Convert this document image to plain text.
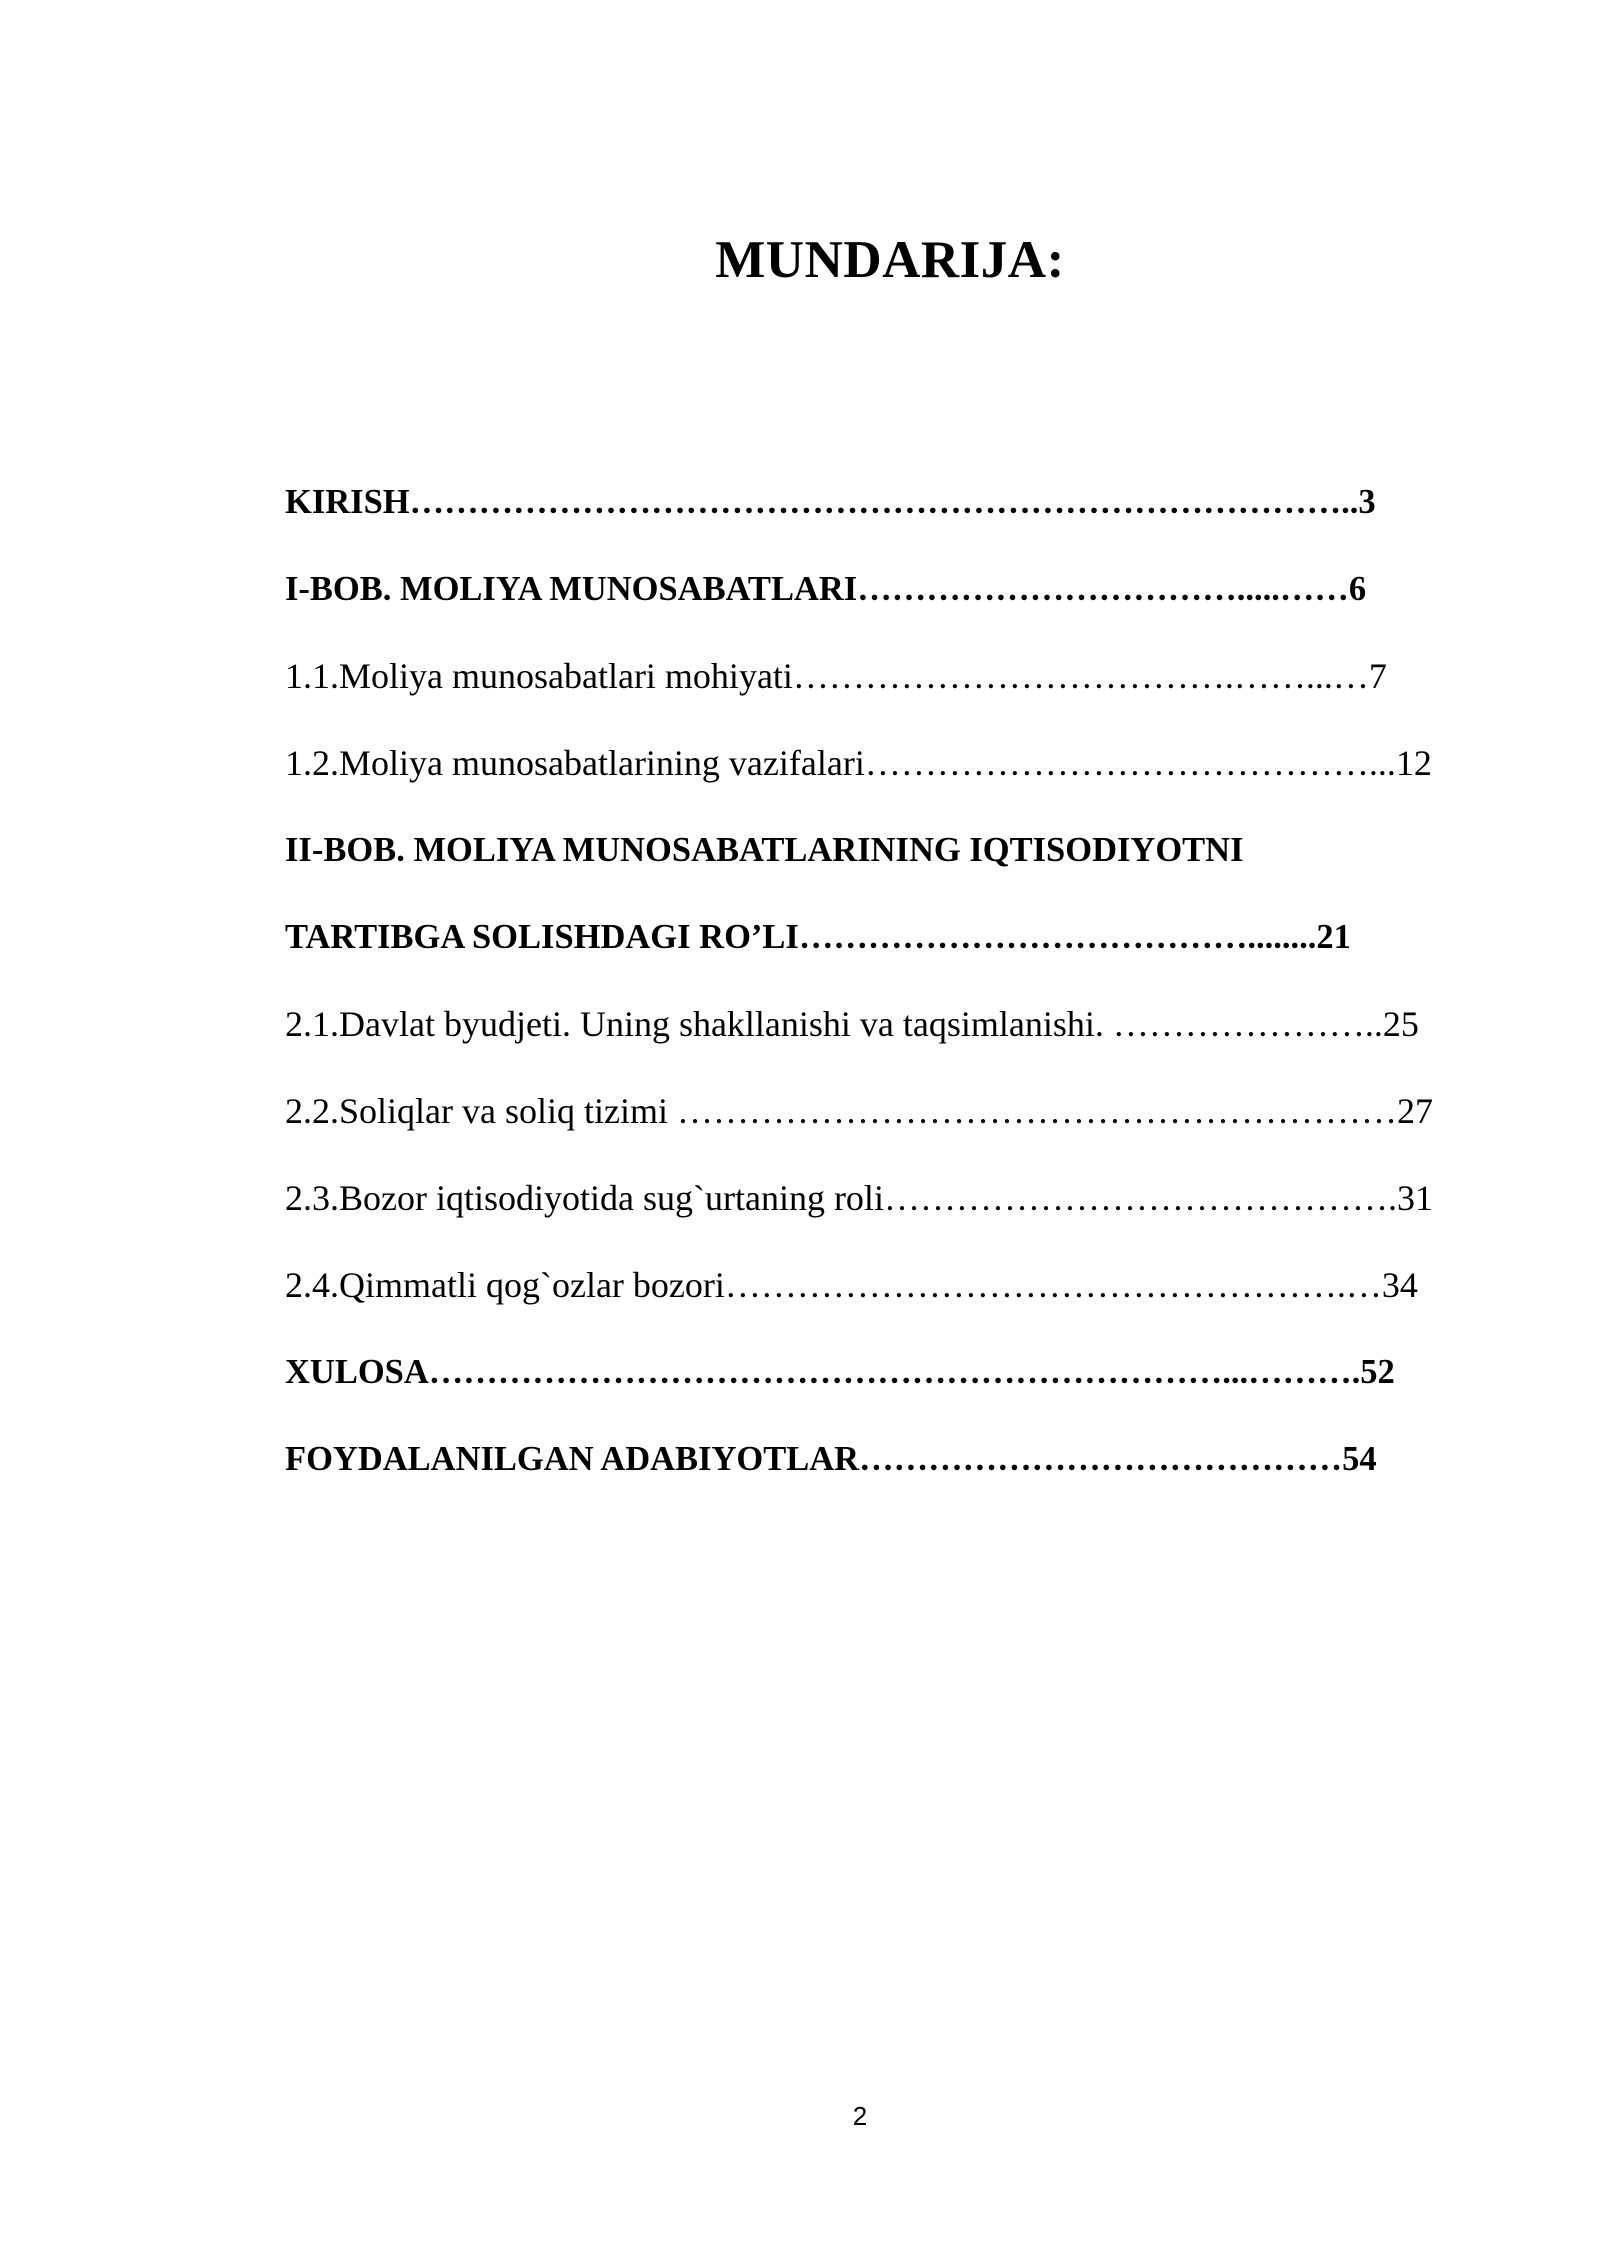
MUNDARIJA:
KIRISH………………………………………………………………………..3
I-BOB. MOLIYA MUNOSABATLARI…………………………….....……6
1.1.Moliya munosabatlari mohiyati……………………………….……...…7
1.2.Moliya munosabatlarining vazifalari……………………………………...12
II-BOB. MOLIYA MUNOSABATLARINING IQTISODIYOTNI
TARTIBGA SOLISHDAGI RO’LI…………………………………........21
2.1.Davlat byudjeti. Uning shakllanishi va taqsimlanishi. …………………..25
2.2.Soliqlar va soliq tizimi ……………………………………………………27
2.3.Bozor iqtisodiyotida sug`urtaning roli…………………………………….31
2.4.Qimmatli qog`ozlar bozori…………………………………………….…34
XULOSA……………………………………………………………...……….52
FOYDALANILGAN ADABIYOTLAR……………………………………54
2
